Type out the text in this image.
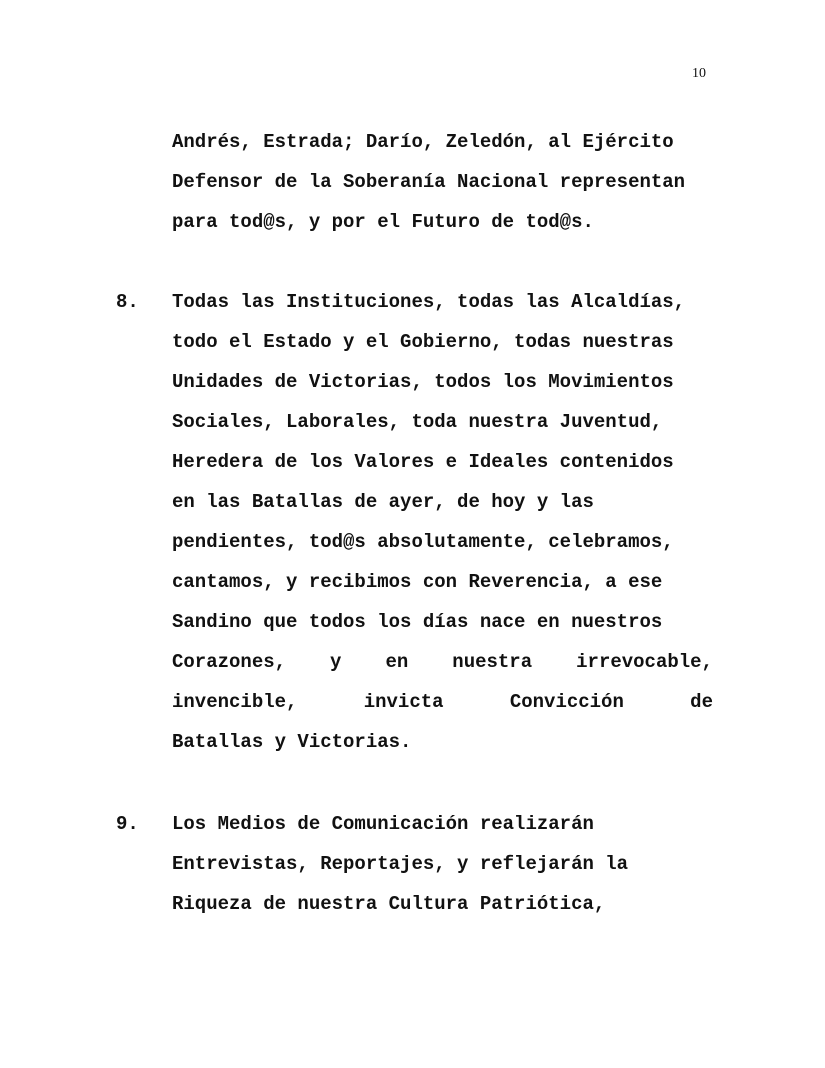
10
Andrés, Estrada; Darío, Zeledón, al Ejército
Defensor de la Soberanía Nacional representan
para tod@s, y por el Futuro de tod@s.
8. Todas las Instituciones, todas las Alcaldías,
todo el Estado y el Gobierno, todas nuestras
Unidades de Victorias, todos los Movimientos
Sociales, Laborales, toda nuestra Juventud,
Heredera de los Valores e Ideales contenidos
en las Batallas de ayer, de hoy y las
pendientes, tod@s absolutamente, celebramos,
cantamos, y recibimos con Reverencia, a ese
Sandino que todos los días nace en nuestros
Corazones, y en nuestra irrevocable,
invencible,	invicta	Convicción	de
Batallas y Victorias.
9. Los Medios de Comunicación realizarán
Entrevistas, Reportajes, y reflejarán la
Riqueza de nuestra Cultura Patriótica,
